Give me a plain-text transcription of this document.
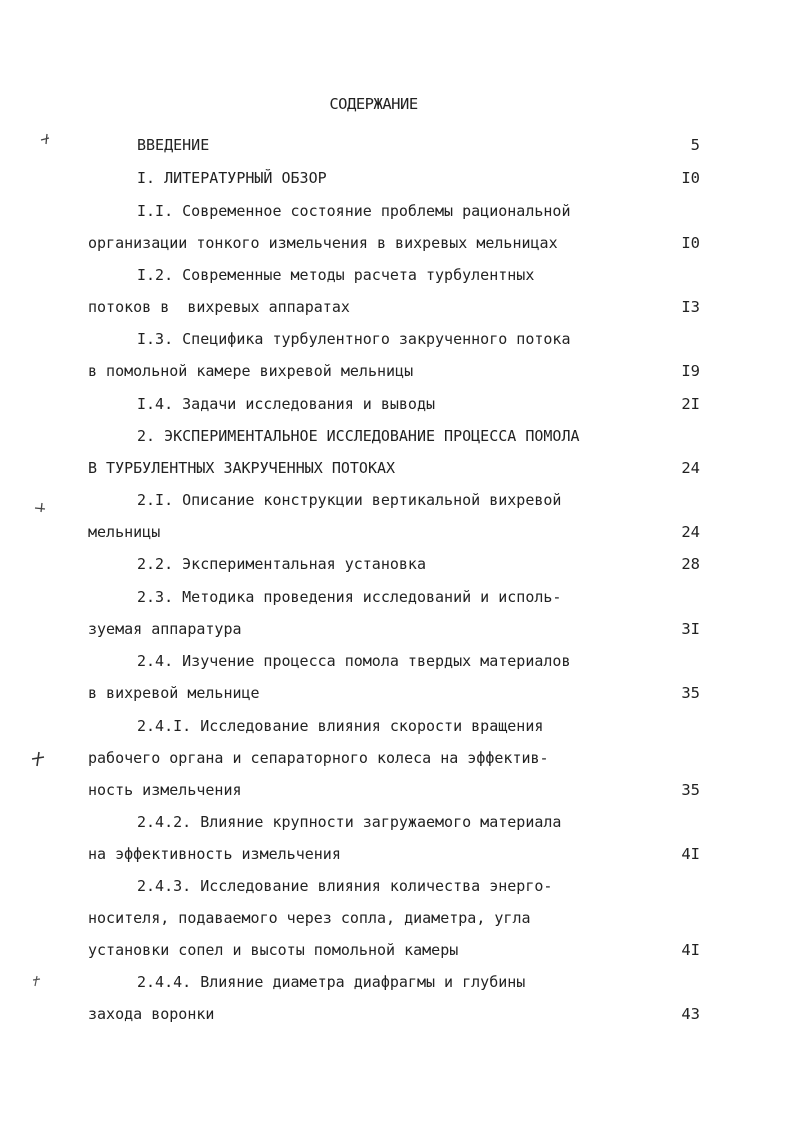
СОДЕРЖАНИЕ
ВВЕДЕНИЕ	5
I. ЛИТЕРАТУРНЫЙ ОБЗОР	I0
I.I. Современное состояние проблемы рациональной
организации тонкого измельчения в вихревых мельницах	I0
I.2. Современные методы расчета турбулентных
потоков в  вихревых аппаратах	I3
I.3. Специфика турбулентного закрученного потока
в помольной камере вихревой мельницы	I9
I.4. Задачи исследования и выводы	2I
2. ЭКСПЕРИМЕНТАЛЬНОЕ ИССЛЕДОВАНИЕ ПРОЦЕССА ПОМОЛА
В ТУРБУЛЕНТНЫХ ЗАКРУЧЕННЫХ ПОТОКАХ	24
2.I. Описание конструкции вертикальной вихревой
мельницы	24
2.2. Экспериментальная установка	28
2.3. Методика проведения исследований и исполь-
зуемая аппаратура	3I
2.4. Изучение процесса помола твердых материалов
в вихревой мельнице	35
2.4.I. Исследование влияния скорости вращения
рабочего органа и сепараторного колеса на эффектив-
ность измельчения	35
2.4.2. Влияние крупности загружаемого материала
на эффективность измельчения	4I
2.4.3. Исследование влияния количества энерго-
носителя, подаваемого через сопла, диаметра, угла
установки сопел и высоты помольной камеры	4I
2.4.4. Влияние диаметра диафрагмы и глубины
захода воронки	43
